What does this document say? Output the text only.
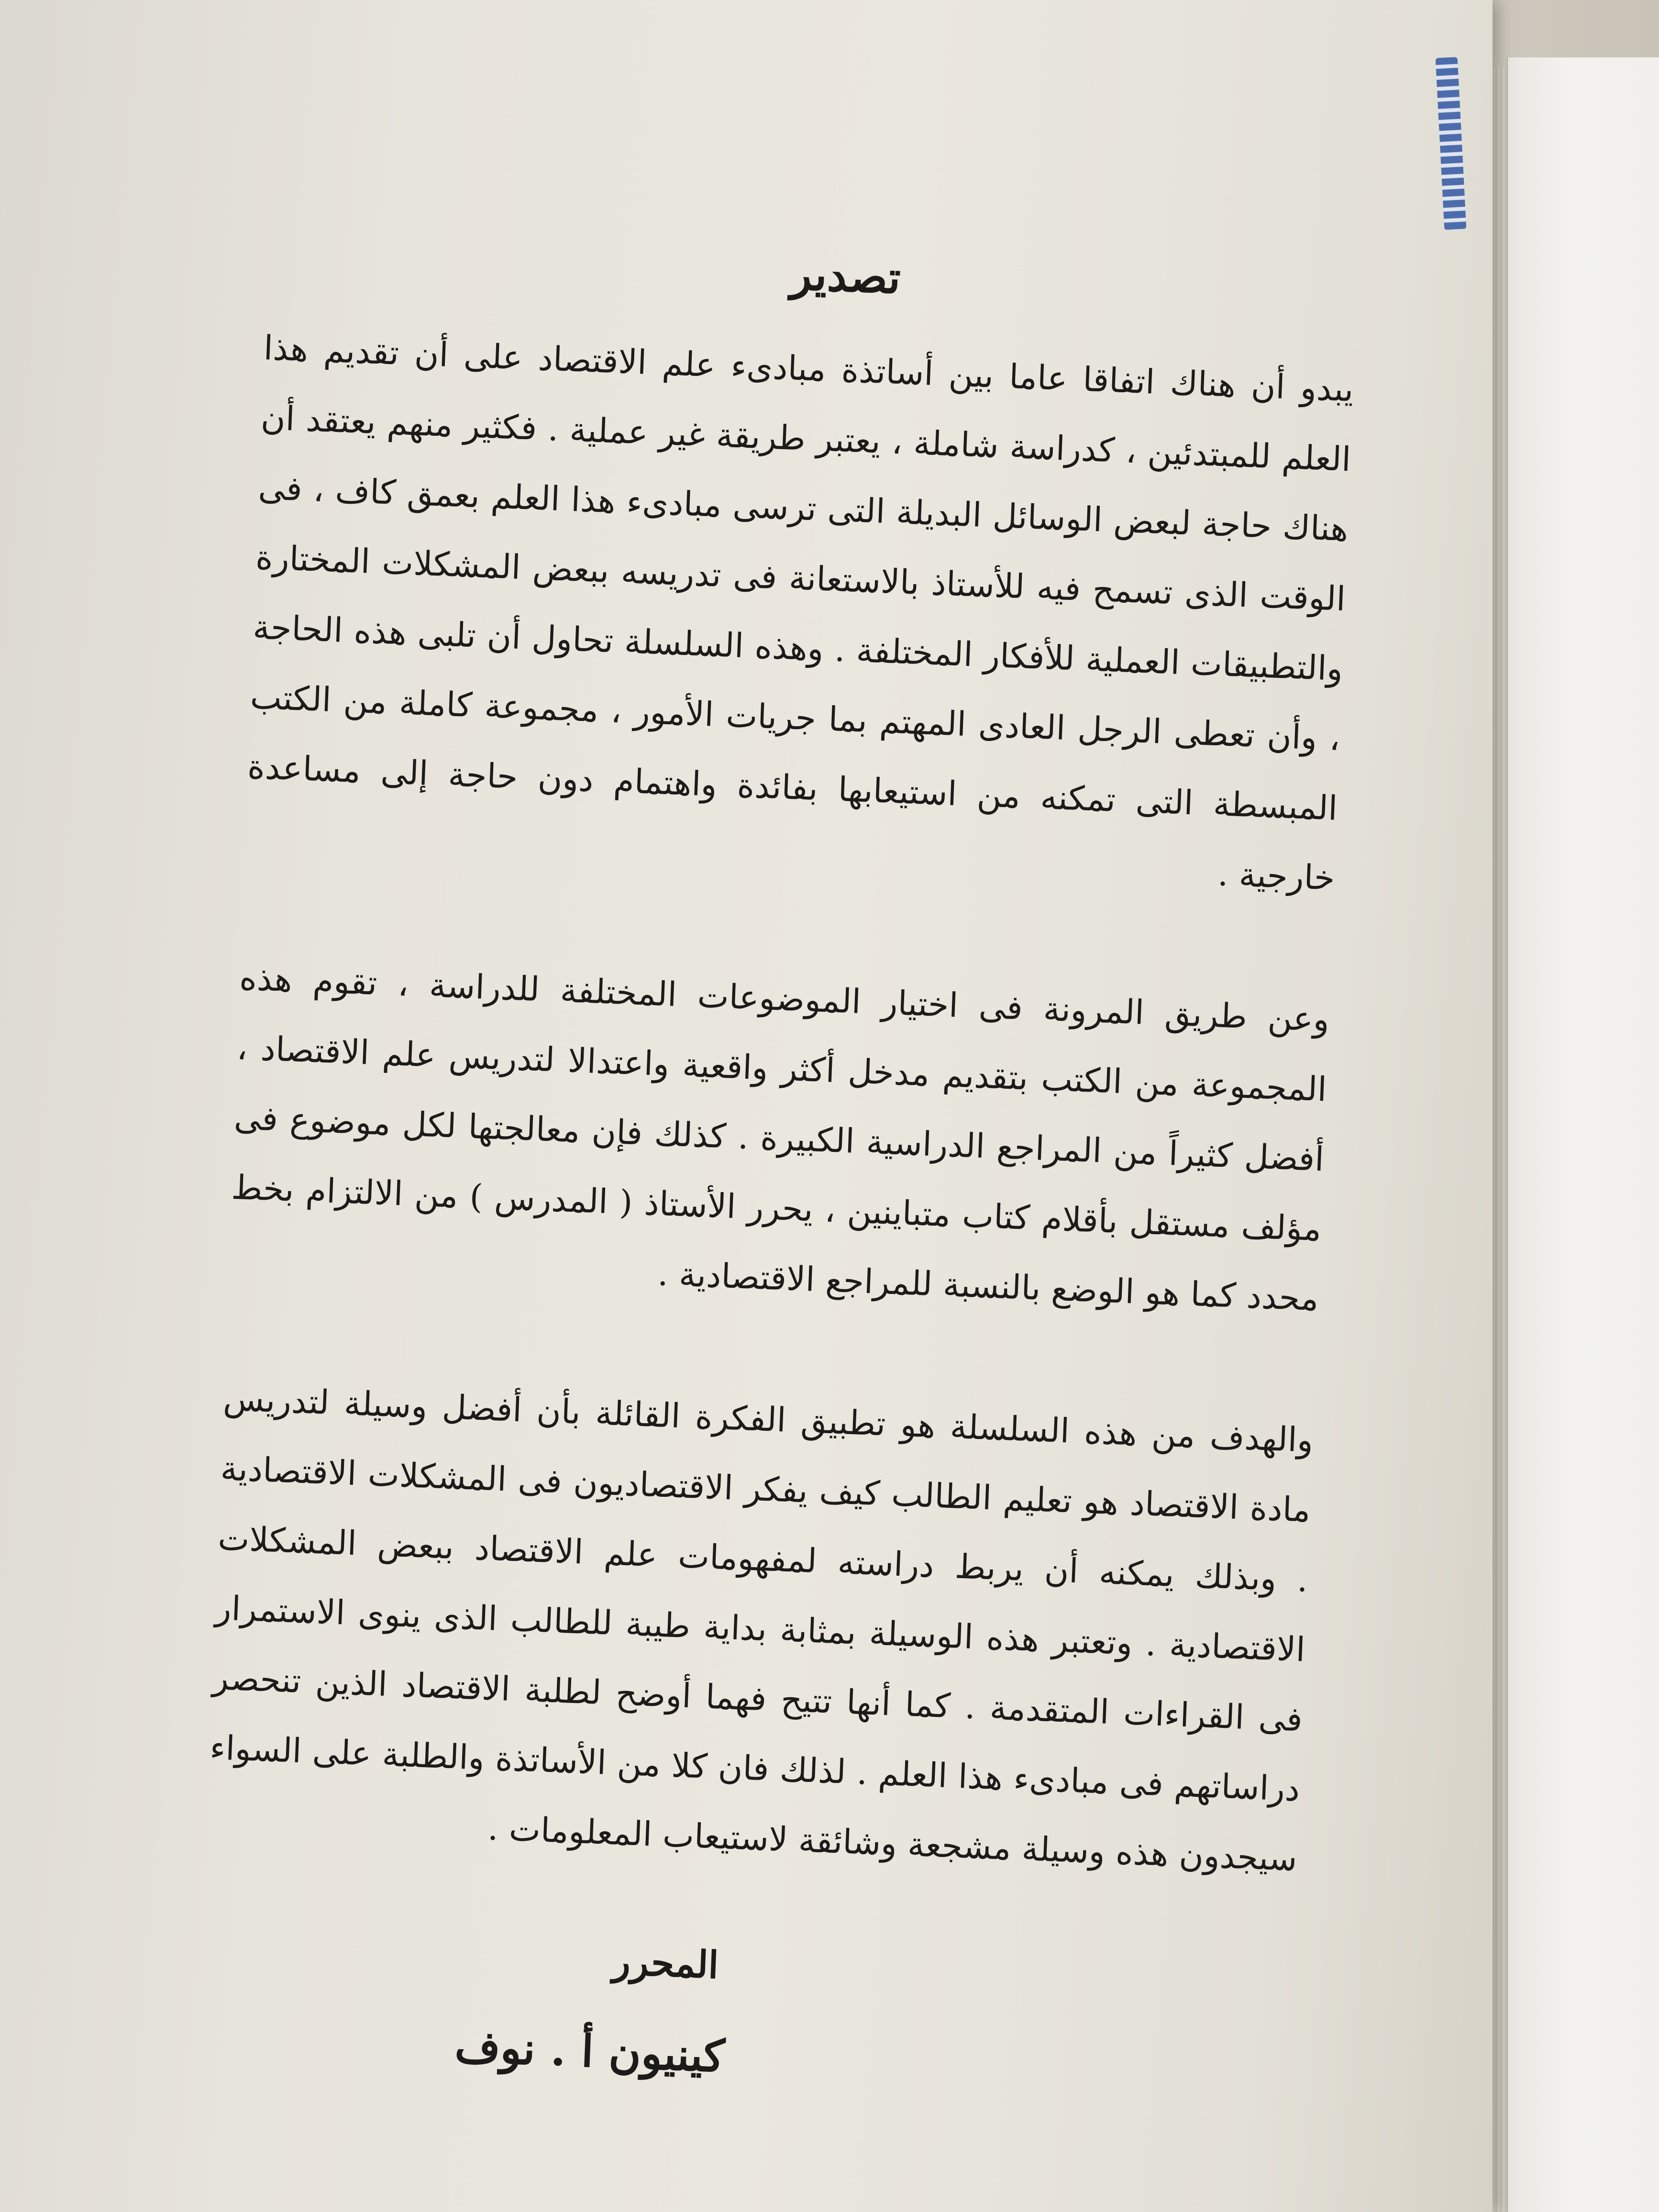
تصدير

يبدو أن هناك اتفاقا عاما بين أساتذة مبادىء علم الاقتصاد على أن تقديم هذا العلم للمبتدئين ، كدراسة شاملة ، يعتبر طريقة غير عملية . فكثير منهم يعتقد أن هناك حاجة لبعض الوسائل البديلة التى ترسى مبادىء هذا العلم بعمق كاف ، فى الوقت الذى تسمح فيه للأستاذ بالاستعانة فى تدريسه ببعض المشكلات المختارة والتطبيقات العملية للأفكار المختلفة . وهذه السلسلة تحاول أن تلبى هذه الحاجة ، وأن تعطى الرجل العادى المهتم بما جريات الأمور ، مجموعة كاملة من الكتب المبسطة التى تمكنه من استيعابها بفائدة واهتمام دون حاجة إلى مساعدة خارجية .

وعن طريق المرونة فى اختيار الموضوعات المختلفة للدراسة ، تقوم هذه المجموعة من الكتب بتقديم مدخل أكثر واقعية واعتدالا لتدريس علم الاقتصاد ، أفضل كثيراً من المراجع الدراسية الكبيرة . كذلك فإن معالجتها لكل موضوع فى مؤلف مستقل بأقلام كتاب متباينين ، يحرر الأستاذ ( المدرس ) من الالتزام بخط محدد كما هو الوضع بالنسبة للمراجع الاقتصادية .

والهدف من هذه السلسلة هو تطبيق الفكرة القائلة بأن أفضل وسيلة لتدريس مادة الاقتصاد هو تعليم الطالب كيف يفكر الاقتصاديون فى المشكلات الاقتصادية . وبذلك يمكنه أن يربط دراسته لمفهومات علم الاقتصاد ببعض المشكلات الاقتصادية . وتعتبر هذه الوسيلة بمثابة بداية طيبة للطالب الذى ينوى الاستمرار فى القراءات المتقدمة . كما أنها تتيح فهما أوضح لطلبة الاقتصاد الذين تنحصر دراساتهم فى مبادىء هذا العلم . لذلك فان كلا من الأساتذة والطلبة على السواء سيجدون هذه وسيلة مشجعة وشائقة لاستيعاب المعلومات .

المحرر

كينيون أ . نوف
